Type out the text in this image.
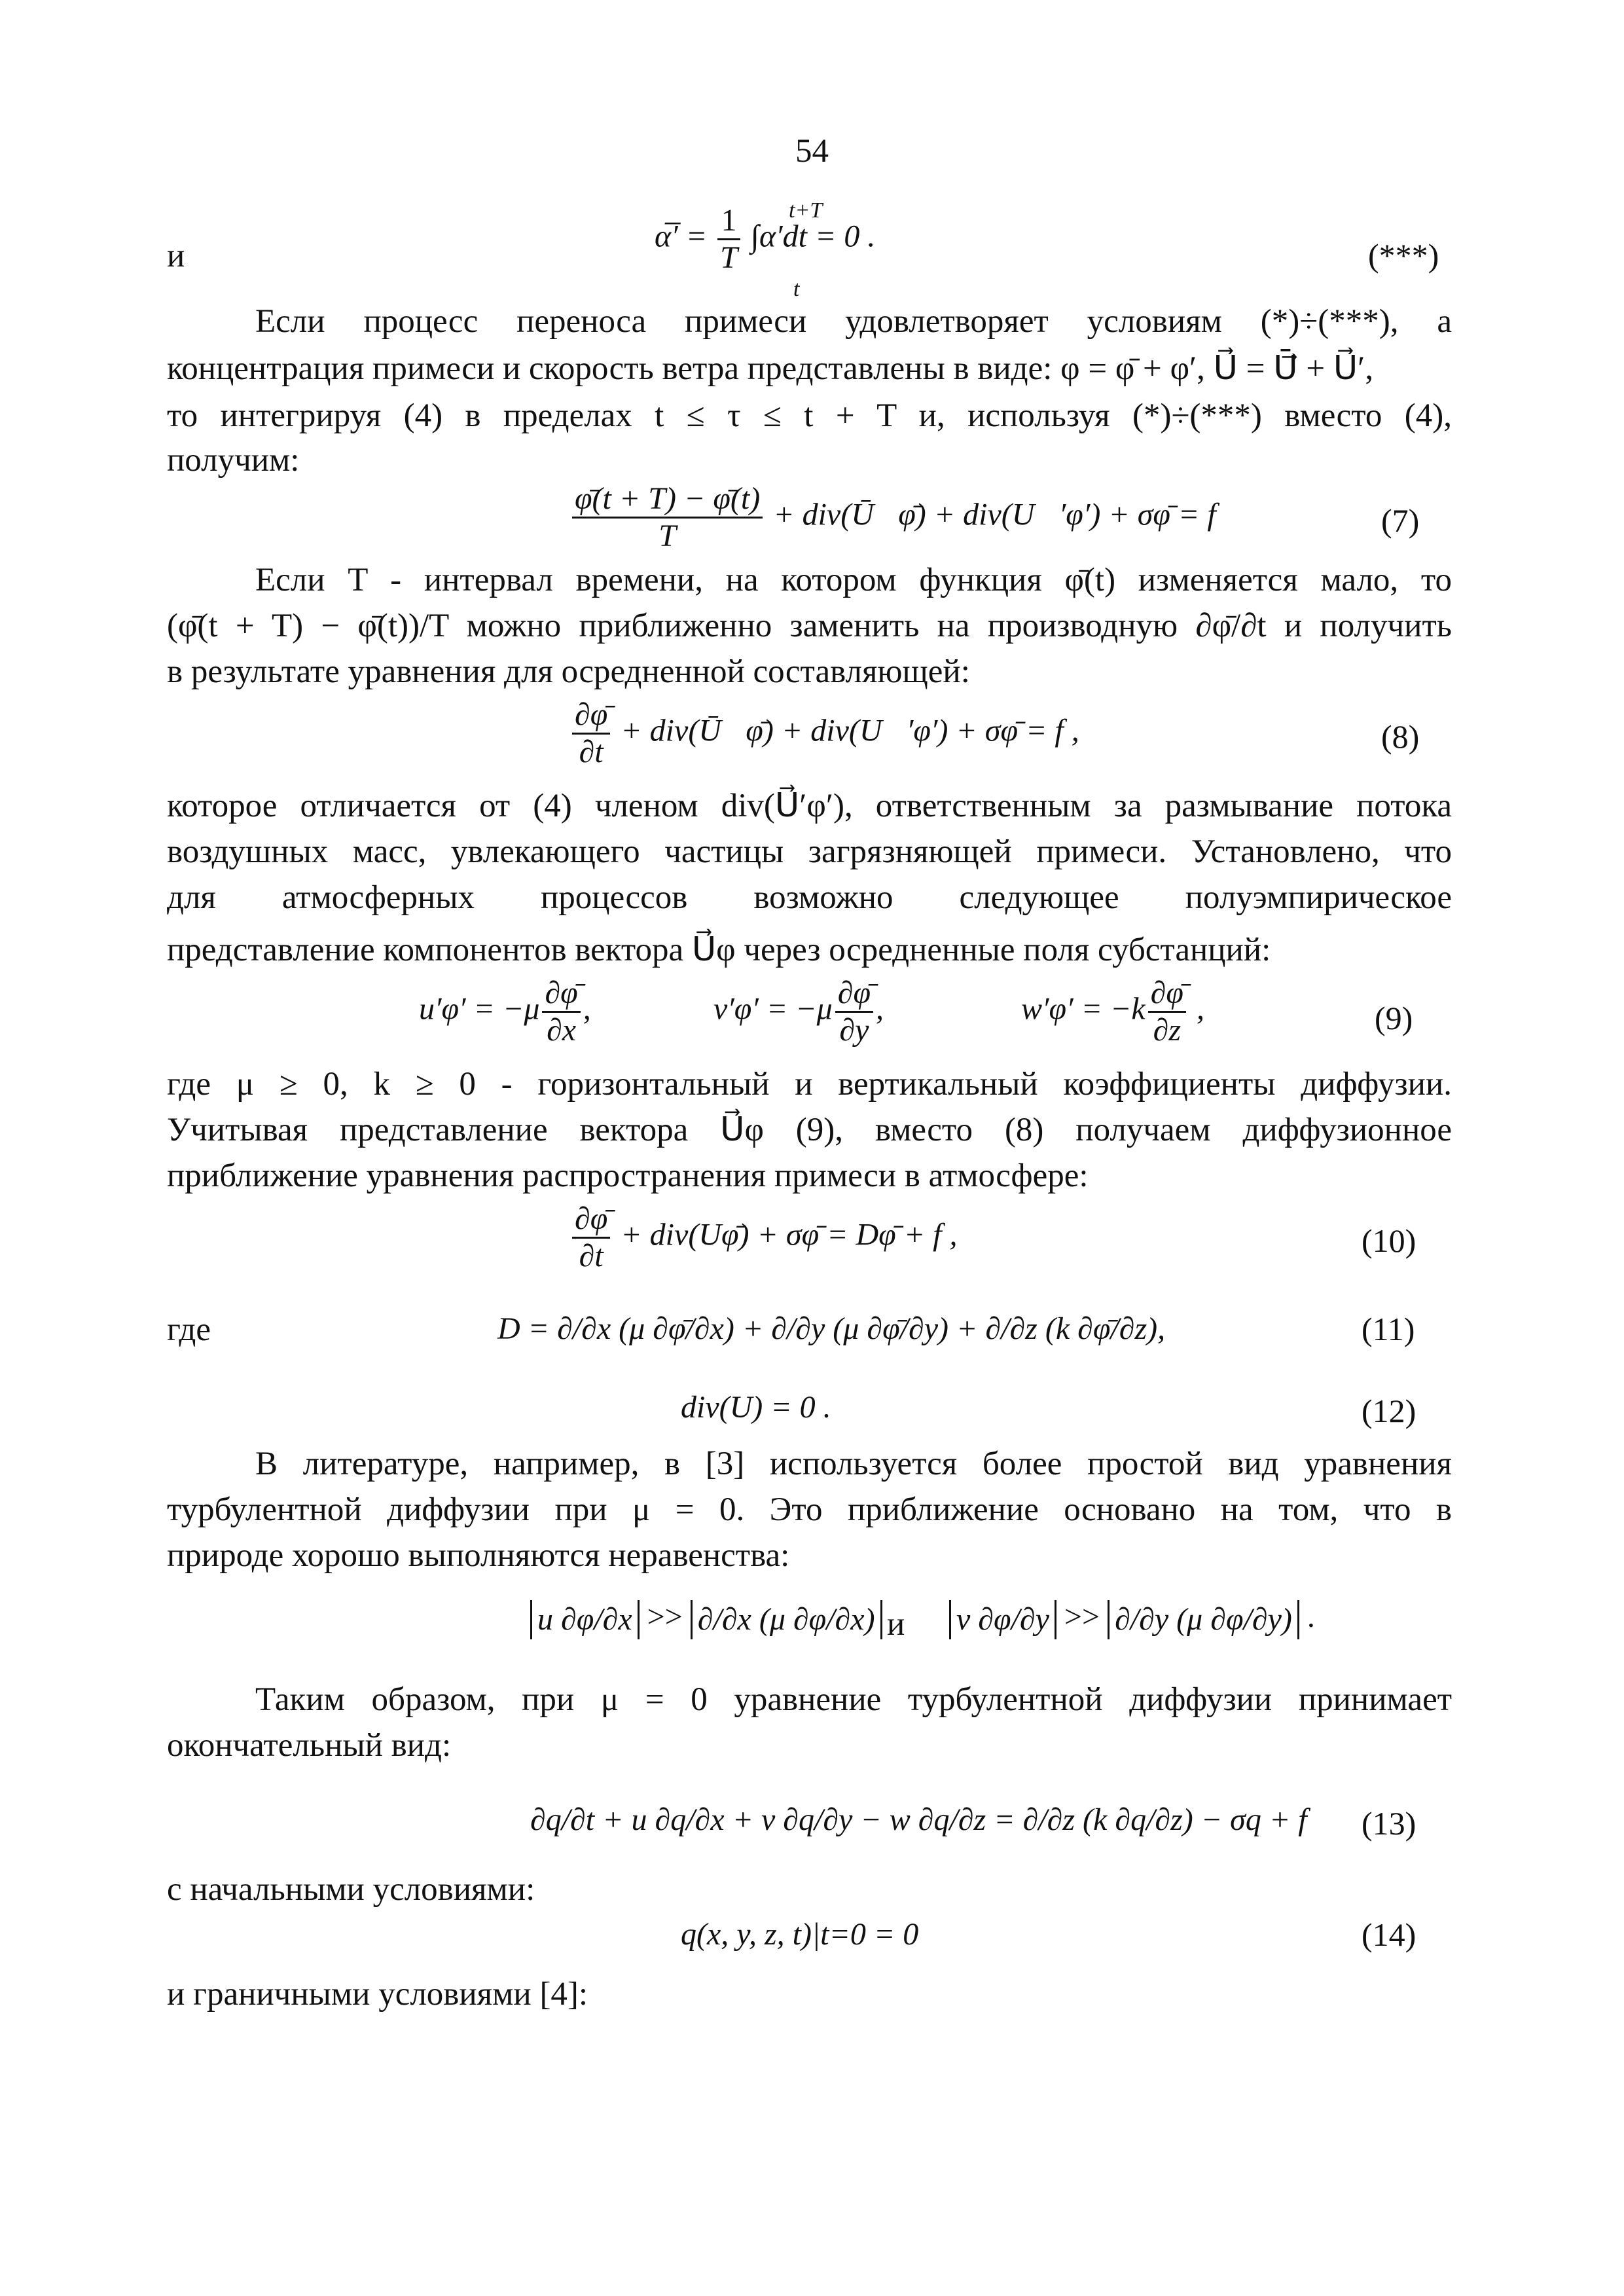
54
и
α̅′ = $\frac{1}{T} \int\alpha'dt = 0$ .
t+T
t
(***)
Если процесс переноса примеси удовлетворяет условиям (*)÷(***), а
концентрация примеси и скорость ветра представлены в виде: φ = φ̄ + φ′, U⃗ = Ū⃗ + U⃗′,
то интегрируя (4) в пределах t ≤ τ ≤ t + T и, используя (*)÷(***) вместо (4),
получим:
$\frac{\varphī(t + T) - \varphī(t)}{T}$ + div(Ū⃗φ̄) + div(U⃗′φ′) + σφ̄ = f	(7)
Если T - интервал времени, на котором функция φ̄(t) изменяется мало, то
(φ̄(t + T) − φ̄(t))/T можно приближенно заменить на производную ∂φ̄/∂t и получить
в результате уравнения для осредненной составляющей:
$\frac{\partial\varphī}{\partial t}$ + div(Ū⃗φ̄) + div(U⃗′φ′) + σφ̄ = f ,	(8)
которое отличается от (4) членом div(U⃗′φ′), ответственным за размывание потока
воздушных масс, увлекающего частицы загрязняющей примеси. Установлено, что
для атмосферных процессов возможно следующее полуэмпирическое
представление компонентов вектора U⃗φ через осредненные поля субстанций:
$u'\varphi' = -\mu \frac{\partial\varphī}{\partial x}$ ,	$v'\varphi' = -\mu \frac{\partial\varphī}{\partial y}$ ,	$w'\varphi' = -k \frac{\partial\varphī}{\partial z}$ ,	(9)
где μ ≥ 0, k ≥ 0 - горизонтальный и вертикальный коэффициенты диффузии.
Учитывая представление вектора U⃗φ (9), вместо (8) получаем диффузионное
приближение уравнения распространения примеси в атмосфере:
$\frac{\partial\varphī}{\partial t}$ + div(Uφ̄) + σφ̄ = Dφ̄ + f ,	(10)
где	D = ∂/∂x (μ ∂φ̄/∂x) + ∂/∂y (μ ∂φ̄/∂y) + ∂/∂z (k ∂φ̄/∂z),	(11)
div(U) = 0 .	(12)
В литературе, например, в [3] используется более простой вид уравнения
турбулентной диффузии при μ = 0. Это приближение основано на том, что в
природе хорошо выполняются неравенства:
u ∂φ/∂x >> ∂/∂x (μ ∂φ/∂x) и v ∂φ/∂y >> ∂/∂y (μ ∂φ/∂y) .
Таким образом, при μ = 0 уравнение турбулентной диффузии принимает
окончательный вид:
∂q/∂t + u ∂q/∂x + v ∂q/∂y − w ∂q/∂z = ∂/∂z (k ∂q/∂z) − σq + f (13)
с начальными условиями:
q(x, y, z, t)|t=0 = 0	(14)
и граничными условиями [4]:
